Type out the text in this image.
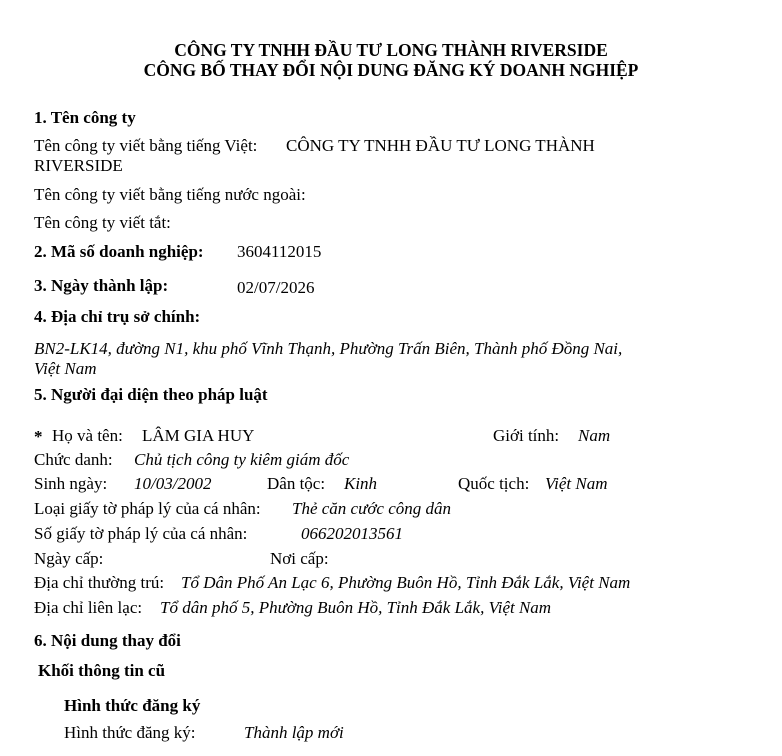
CÔNG TY TNHH ĐẦU TƯ LONG THÀNH RIVERSIDE
CÔNG BỐ THAY ĐỔI NỘI DUNG ĐĂNG KÝ DOANH NGHIỆP
1. Tên công ty
Tên công ty viết bằng tiếng Việt: CÔNG TY TNHH ĐẦU TƯ LONG THÀNH
RIVERSIDE
Tên công ty viết bằng tiếng nước ngoài:
Tên công ty viết tắt:
2. Mã số doanh nghiệp: 3604112015
3. Ngày thành lập:	02/07/2026
4. Địa chỉ trụ sở chính:
BN2-LK14, đường N1, khu phố Vĩnh Thạnh, Phường Trấn Biên, Thành phố Đồng Nai,
Việt Nam
5. Người đại diện theo pháp luật
* Họ và tên: LÂM GIA HUY	Giới tính: Nam
Chức danh: Chủ tịch công ty kiêm giám đốc
Sinh ngày: 10/03/2002	Dân tộc: Kinh	Quốc tịch: Việt Nam
Loại giấy tờ pháp lý của cá nhân: Thẻ căn cước công dân
Số giấy tờ pháp lý của cá nhân:	066202013561
Ngày cấp:	Nơi cấp:
Địa chỉ thường trú: Tổ Dân Phố An Lạc 6, Phường Buôn Hồ, Tỉnh Đắk Lắk, Việt Nam
Địa chỉ liên lạc: Tổ dân phố 5, Phường Buôn Hồ, Tỉnh Đắk Lắk, Việt Nam
6. Nội dung thay đổi
Khối thông tin cũ
Hình thức đăng ký
Hình thức đăng ký:	Thành lập mới
